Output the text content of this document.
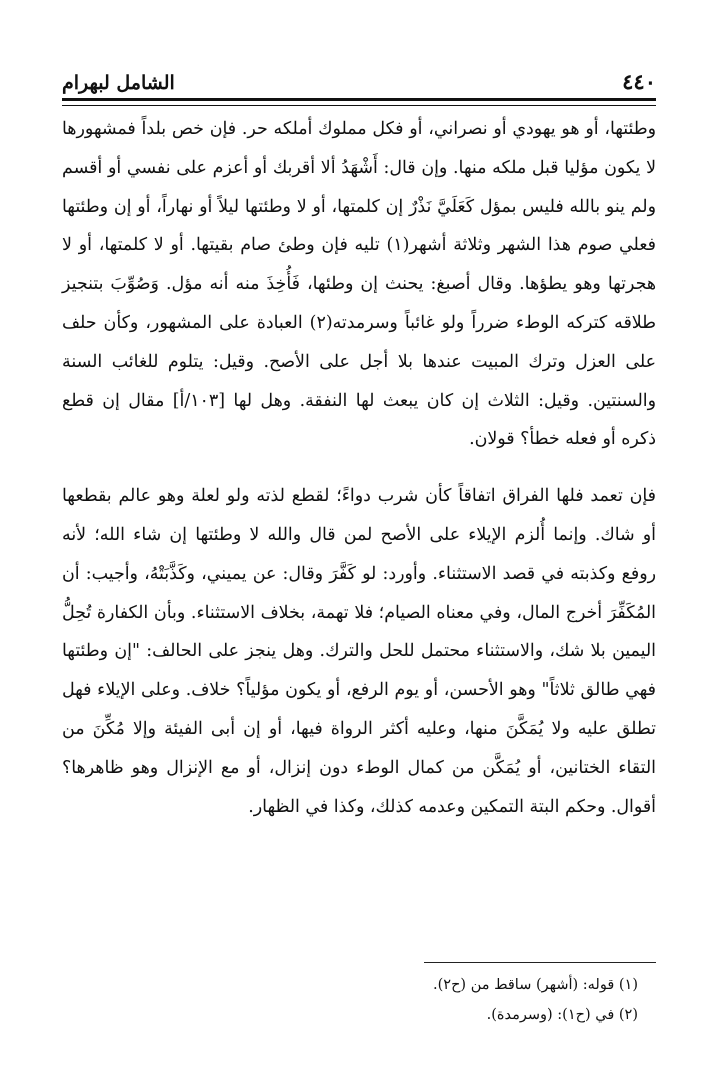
٤٤٠
الشامل لبهرام

وطئتها، أو هو يهودي أو نصراني، أو فكل مملوك أملكه حر. فإن خص بلداً فمشهورها لا يكون مؤليا قبل ملكه منها. وإن قال: أَشْهَدُ ألا أقربك أو أعزم على نفسي أو أقسم ولم ينو بالله فليس بمؤل كَعَلَيَّ نَذْرٌ إن كلمتها، أو لا وطئتها ليلاً أو نهاراً، أو إن وطئتها فعلي صوم هذا الشهر وثلاثة أشهر(١) تليه فإن وطئ صام بقيتها. أو لا كلمتها، أو لا هجرتها وهو يطؤها. وقال أصبغ: يحنث إن وطئها، فَأُخِذَ منه أنه مؤل. وَصُوِّبَ بتنجيز طلاقه كتركه الوطء ضرراً ولو غائباً وسرمدته(٢) العبادة على المشهور، وكأن حلف على العزل وترك المبيت عندها بلا أجل على الأصح. وقيل: يتلوم للغائب السنة والسنتين. وقيل: الثلاث إن كان يبعث لها النفقة. وهل لها [١٠٣/أ] مقال إن قطع ذكره أو فعله خطأ؟ قولان.

فإن تعمد فلها الفراق اتفاقاً كأن شرب دواءً؛ لقطع لذته ولو لعلة وهو عالم بقطعها أو شاك. وإنما أُلزم الإيلاء على الأصح لمن قال والله لا وطئتها إن شاء الله؛ لأنه روفع وكذبته في قصد الاستثناء. وأورد: لو كَفَّرَ وقال: عن يميني، وكَذَّبَتْهُ، وأجيب: أن المُكَفِّرَ أخرج المال، وفي معناه الصيام؛ فلا تهمة، بخلاف الاستثناء. وبأن الكفارة تُحِلُّ اليمين بلا شك، والاستثناء محتمل للحل والترك. وهل ينجز على الحالف: "إن وطئتها فهي طالق ثلاثاً" وهو الأحسن، أو يوم الرفع، أو يكون مؤلياً؟ خلاف. وعلى الإيلاء فهل تطلق عليه ولا يُمَكَّنَ منها، وعليه أكثر الرواة فيها، أو إن أبى الفيئة وإلا مُكِّنَ من التقاء الختانين، أو يُمَكَّن من كمال الوطء دون إنزال، أو مع الإنزال وهو ظاهرها؟ أقوال. وحكم البتة التمكين وعدمه كذلك، وكذا في الظهار.

(١) قوله: (أشهر) ساقط من (ح٢).
(٢) في (ح١): (وسرمدة).
